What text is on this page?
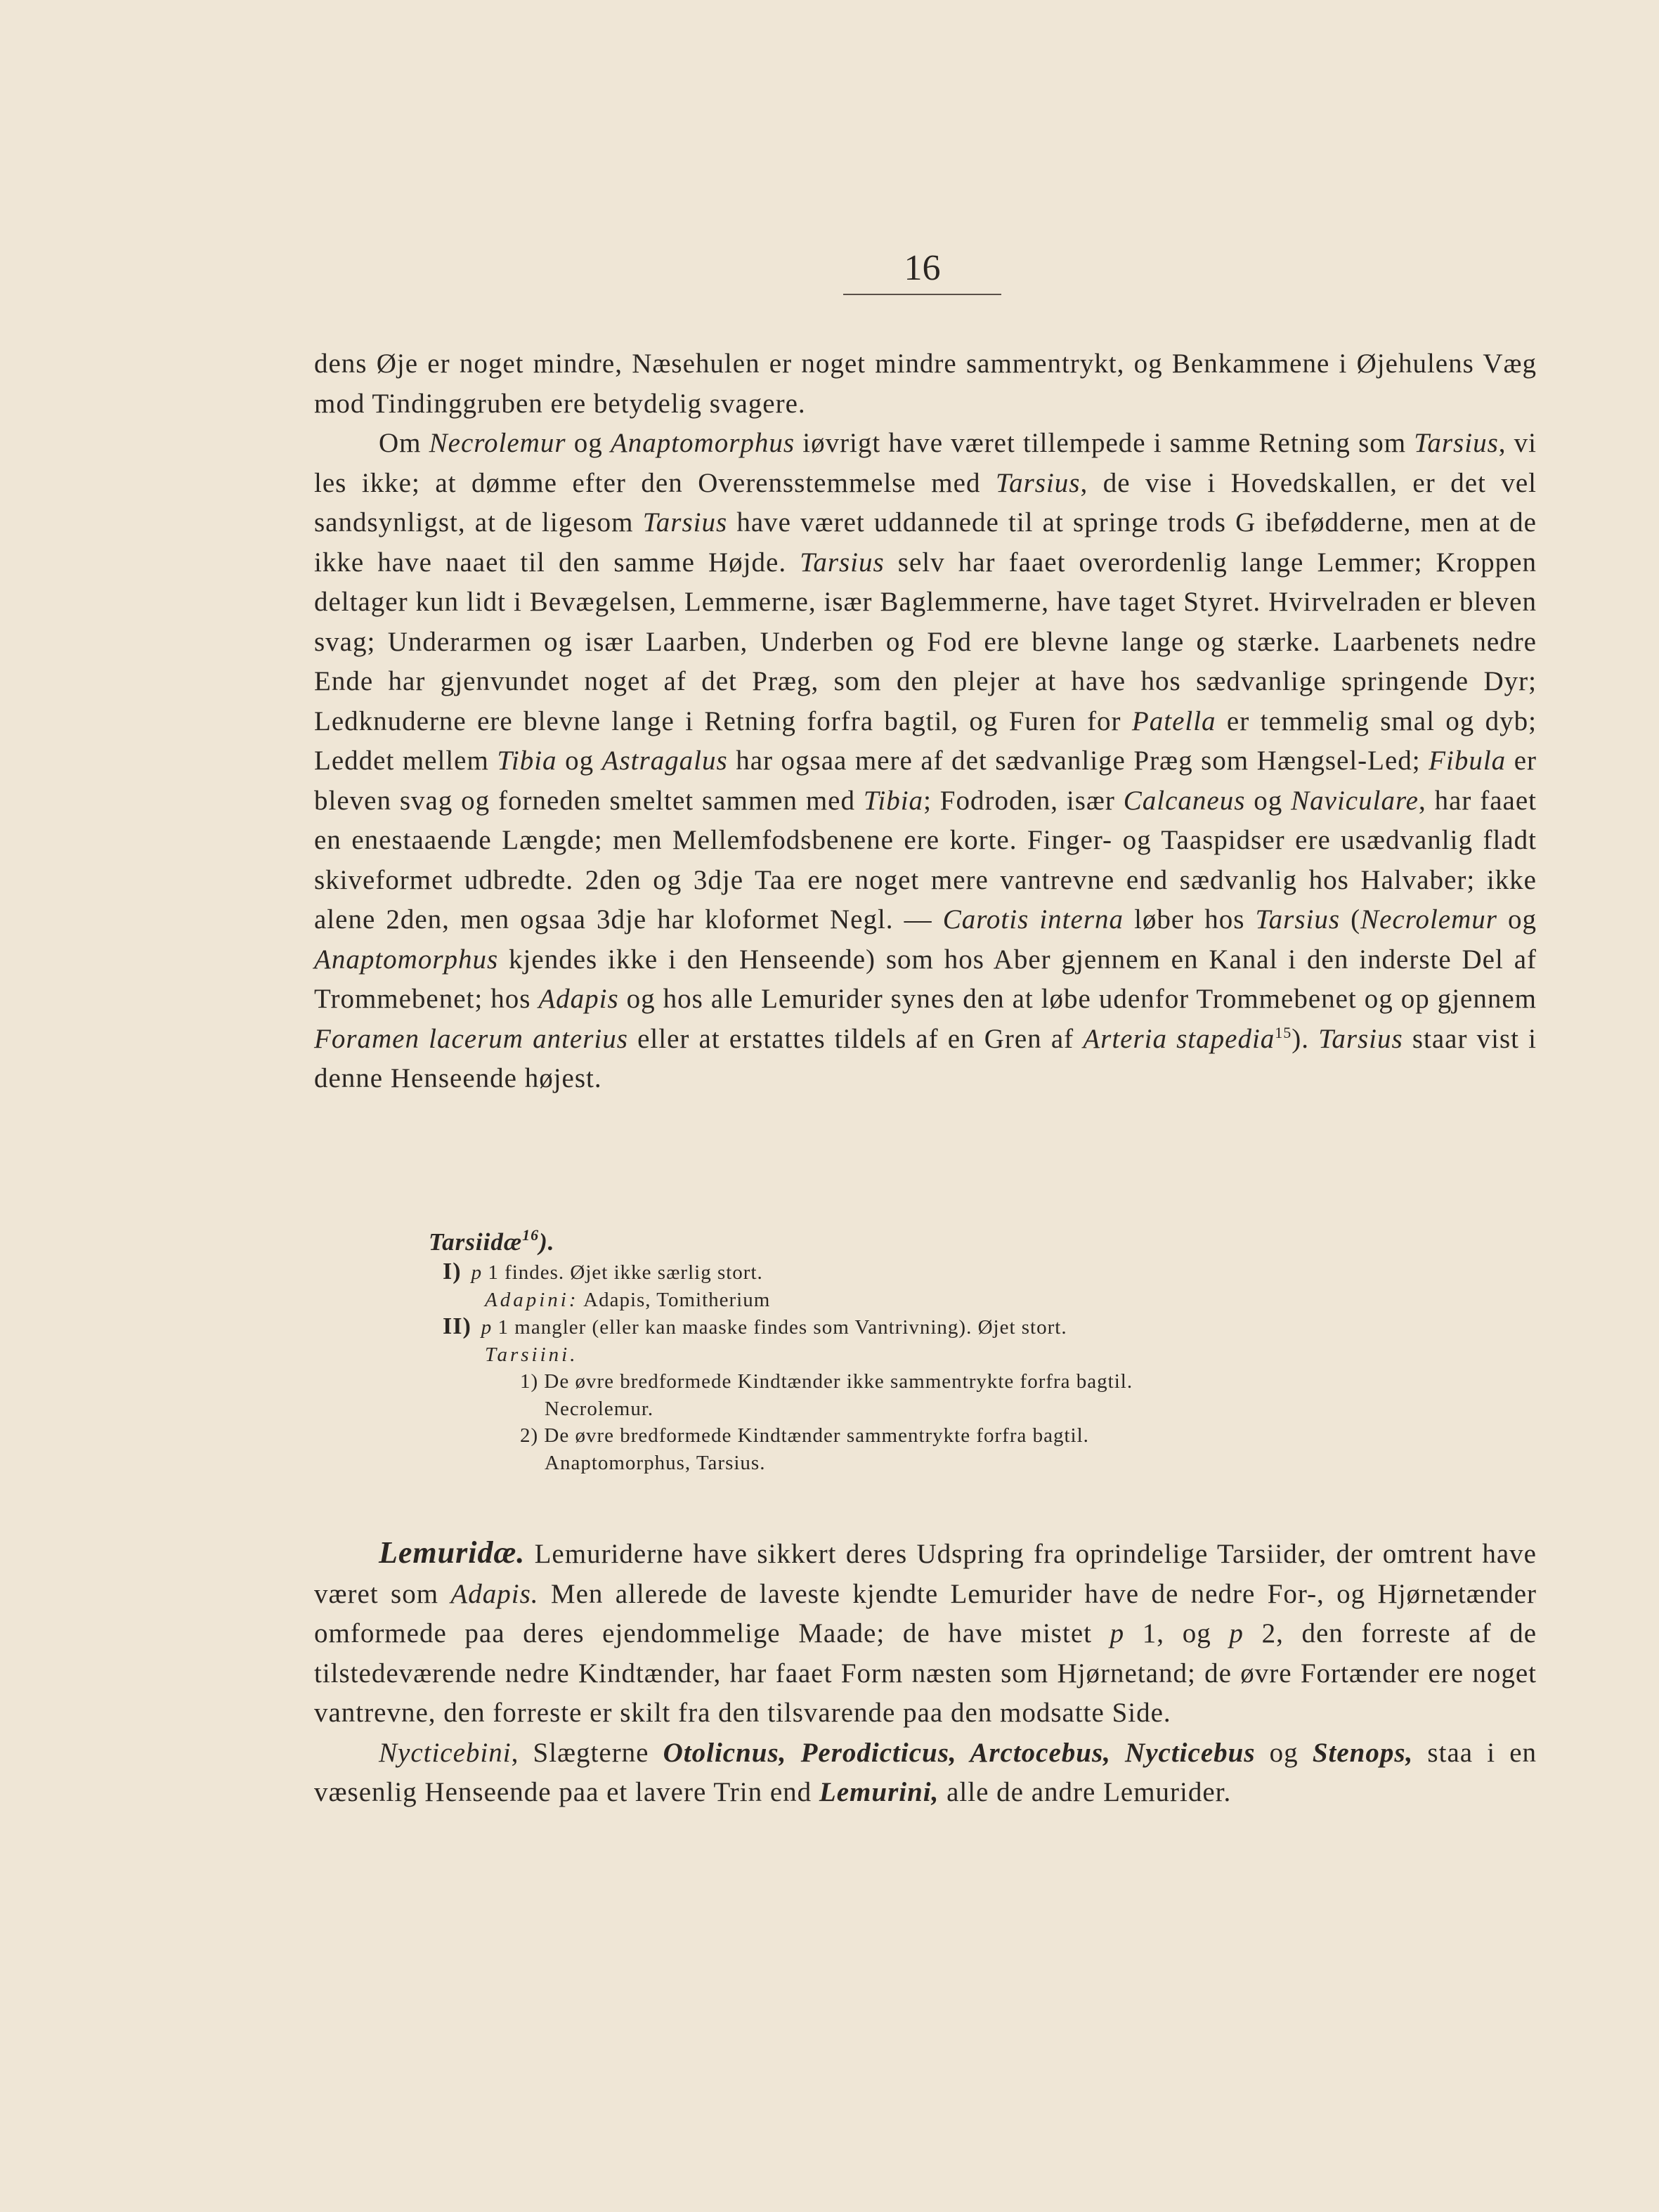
16

dens Øje er noget mindre, Næsehulen er noget mindre sammentrykt, og Benkammene i Øjehulens Væg mod Tindinggruben ere betydelig svagere.

Om Necrolemur og Anaptomorphus iøvrigt have været tillempede i samme Retning som Tarsius, vi les ikke; at dømme efter den Overensstemmelse med Tarsius, de vise i Hovedskallen, er det vel sandsynligst, at de ligesom Tarsius have været uddannede til at springe trods G ibefødderne, men at de ikke have naaet til den samme Højde. Tarsius selv har faaet overordenlig lange Lemmer; Kroppen deltager kun lidt i Bevægelsen, Lemmerne, især Baglemmerne, have taget Styret. Hvirvelraden er bleven svag; Underarmen og især Laarben, Underben og Fod ere blevne lange og stærke. Laarbenets nedre Ende har gjenvundet noget af det Præg, som den plejer at have hos sædvanlige springende Dyr; Ledknuderne ere blevne lange i Retning forfra bagtil, og Furen for Patella er temmelig smal og dyb; Leddet mellem Tibia og Astragalus har ogsaa mere af det sædvanlige Præg som Hængsel-Led; Fibula er bleven svag og forneden smeltet sammen med Tibia; Fodroden, især Calcaneus og Naviculare, har faaet en enestaaende Længde; men Mellemfodsbenene ere korte. Finger- og Taaspidser ere usædvanlig fladt skiveformet udbredte. 2den og 3dje Taa ere noget mere vantrevne end sædvanlig hos Halvaber; ikke alene 2den, men ogsaa 3dje har kloformet Negl. — Carotis interna løber hos Tarsius (Necrolemur og Anaptomorphus kjendes ikke i den Henseende) som hos Aber gjennem en Kanal i den inderste Del af Trommebenet; hos Adapis og hos alle Lemurider synes den at løbe udenfor Trommebenet og op gjennem Foramen lacerum anterius eller at erstattes tildels af en Gren af Arteria stapedia$^{15}$). Tarsius staar vist i denne Henseende højest.

Tarsiidæ$^{16}$).
I) p 1 findes. Øjet ikke særlig stort.
Adapini: Adapis, Tomitherium
II) p 1 mangler (eller kan maaske findes som Vantrivning). Øjet stort.
Tarsiini.
1) De øvre bredformede Kindtænder ikke sammentrykte forfra bagtil.
Necrolemur.
2) De øvre bredformede Kindtænder sammentrykte forfra bagtil.
Anaptomorphus, Tarsius.

Lemuridæ. Lemuriderne have sikkert deres Udspring fra oprindelige Tarsiider, der omtrent have været som Adapis. Men allerede de laveste kjendte Lemurider have de nedre For-, og Hjørnetænder omformede paa deres ejendommelige Maade; de have mistet p 1, og p 2, den forreste af de tilstedeværende nedre Kindtænder, har faaet Form næsten som Hjørnetand; de øvre Fortænder ere noget vantrevne, den forreste er skilt fra den tilsvarende paa den modsatte Side.

Nycticebini, Slægterne Otolicnus, Perodicticus, Arctocebus, Nycticebus og Stenops, staa i en væsenlig Henseende paa et lavere Trin end Lemurini, alle de andre Lemurider.
